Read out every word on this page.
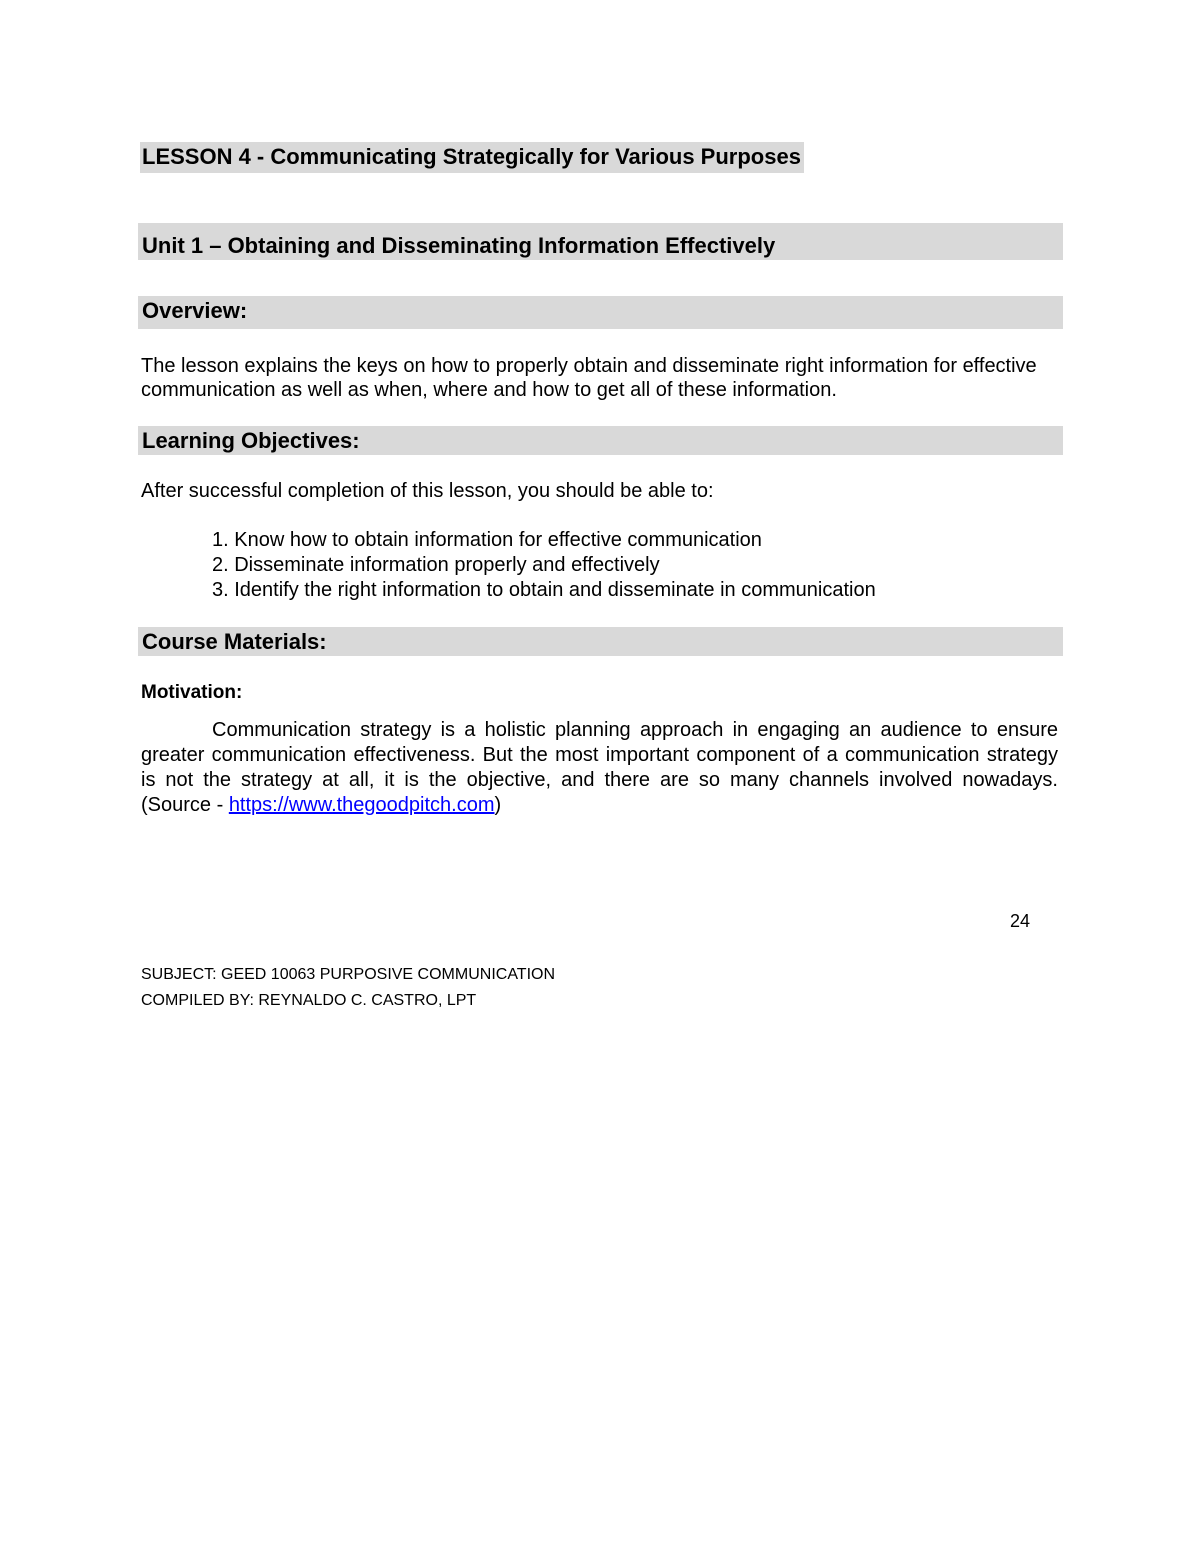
LESSON 4 - Communicating Strategically for Various Purposes
Unit 1 – Obtaining and Disseminating Information Effectively
Overview:
The lesson explains the keys on how to properly obtain and disseminate right information for effective communication as well as when, where and how to get all of these information.
Learning Objectives:
After successful completion of this lesson, you should be able to:
1. Know how to obtain information for effective communication
2. Disseminate information properly and effectively
3. Identify the right information to obtain and disseminate in communication
Course Materials:
Motivation:
Communication strategy is a holistic planning approach in engaging an audience to ensure greater communication effectiveness. But the most important component of a communication strategy is not the strategy at all, it is the objective, and there are so many channels involved nowadays. (Source - https://www.thegoodpitch.com)
24
SUBJECT: GEED 10063 PURPOSIVE COMMUNICATION
COMPILED BY: REYNALDO C. CASTRO, LPT
